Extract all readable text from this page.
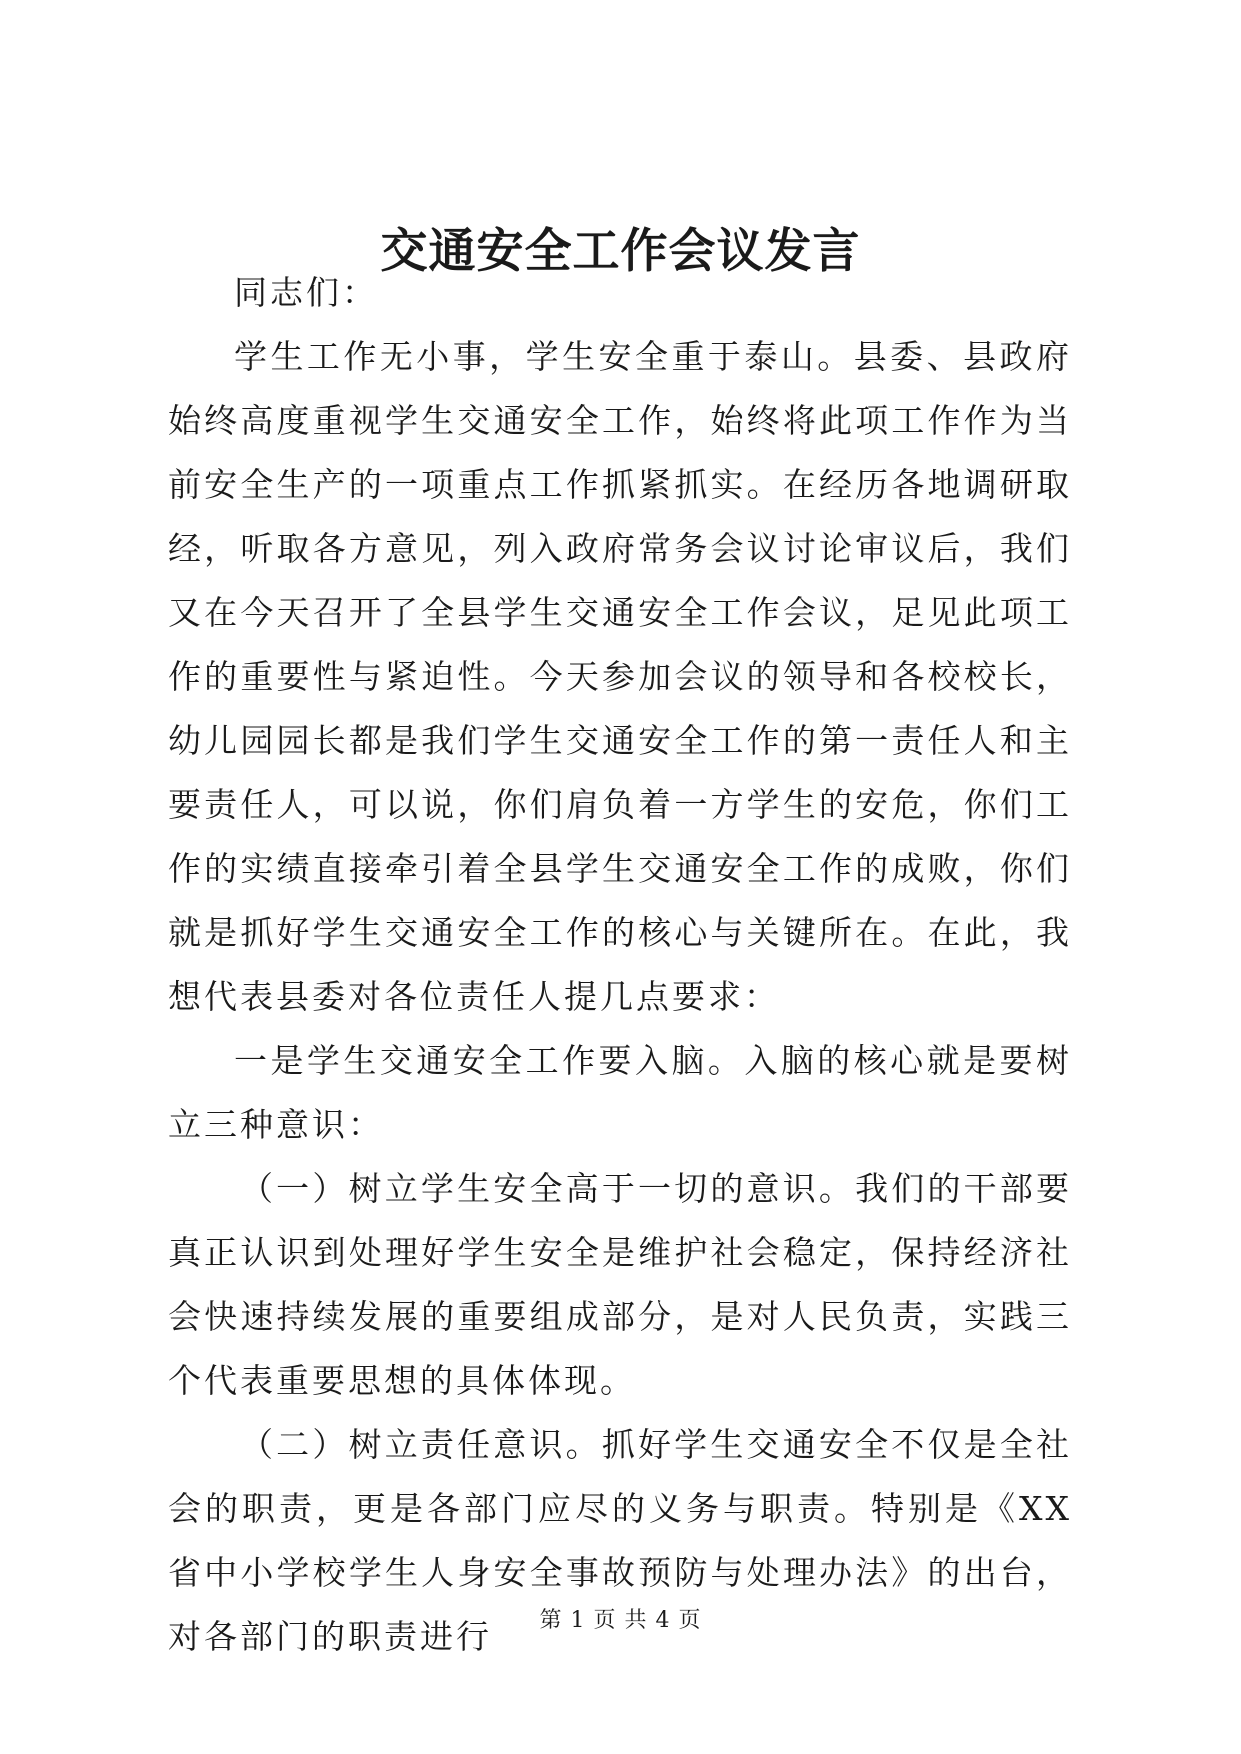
交通安全工作会议发言

同志们：

学生工作无小事，学生安全重于泰山。县委、县政府始终高度重视学生交通安全工作，始终将此项工作作为当前安全生产的一项重点工作抓紧抓实。在经历各地调研取经，听取各方意见，列入政府常务会议讨论审议后，我们又在今天召开了全县学生交通安全工作会议，足见此项工作的重要性与紧迫性。今天参加会议的领导和各校校长，幼儿园园长都是我们学生交通安全工作的第一责任人和主要责任人，可以说，你们肩负着一方学生的安危，你们工作的实绩直接牵引着全县学生交通安全工作的成败，你们就是抓好学生交通安全工作的核心与关键所在。在此，我想代表县委对各位责任人提几点要求：

一是学生交通安全工作要入脑。入脑的核心就是要树立三种意识：

（一）树立学生安全高于一切的意识。我们的干部要真正认识到处理好学生安全是维护社会稳定，保持经济社会快速持续发展的重要组成部分，是对人民负责，实践三个代表重要思想的具体体现。

（二）树立责任意识。抓好学生交通安全不仅是全社会的职责，更是各部门应尽的义务与职责。特别是《XX省中小学校学生人身安全事故预防与处理办法》的出台，对各部门的职责进行	第 1 页 共 4 页
